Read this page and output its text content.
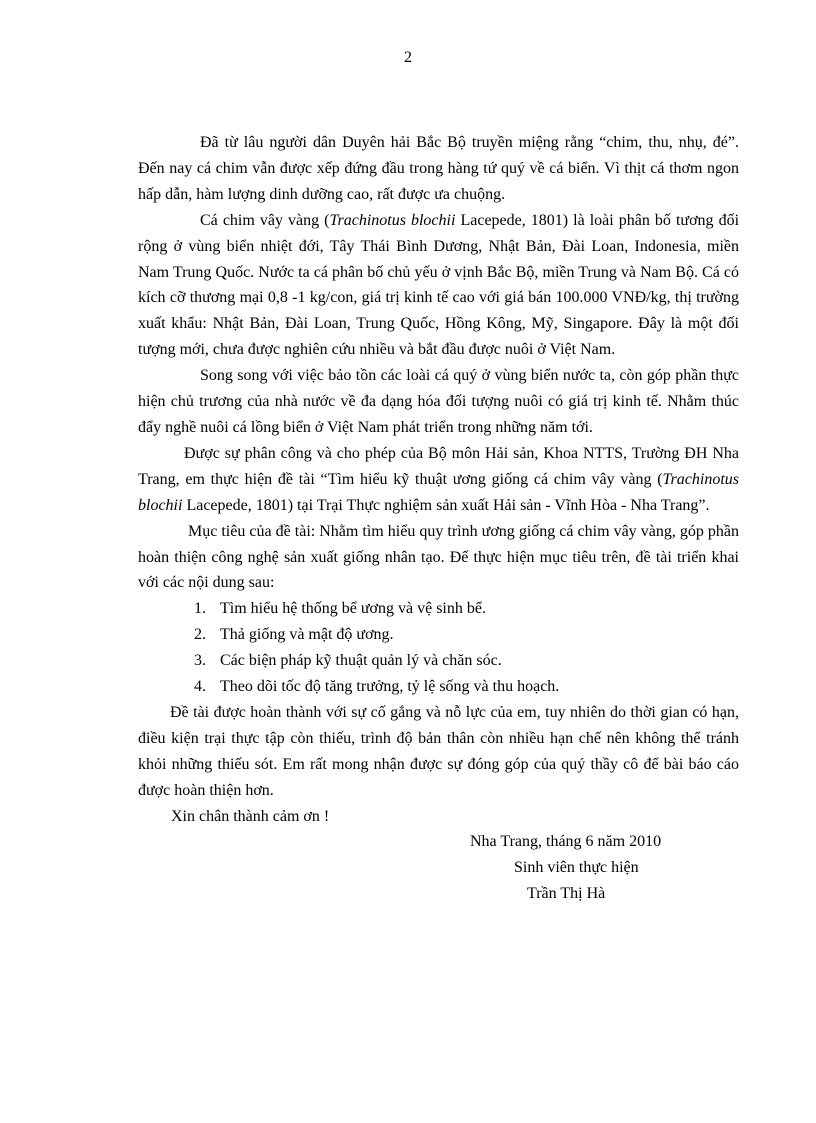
2

Đã từ lâu người dân Duyên hải Bắc Bộ truyền miệng rằng “chim, thu, nhụ, đé”. Đến nay cá chim vẫn được xếp đứng đầu trong hàng tứ quý về cá biển. Vì thịt cá thơm ngon hấp dẫn, hàm lượng dinh dưỡng cao, rất được ưa chuộng.

Cá chim vây vàng (Trachinotus blochii Lacepede, 1801) là loài phân bố tương đối rộng ở vùng biển nhiệt đới, Tây Thái Bình Dương, Nhật Bản, Đài Loan, Indonesia, miền Nam Trung Quốc. Nước ta cá phân bố chủ yếu ở vịnh Bắc Bộ, miền Trung và Nam Bộ. Cá có kích cỡ thương mại 0,8 -1 kg/con, giá trị kinh tế cao với giá bán 100.000 VNĐ/kg, thị trường xuất khẩu: Nhật Bản, Đài Loan, Trung Quốc, Hồng Kông, Mỹ, Singapore. Đây là một đối tượng mới, chưa được nghiên cứu nhiều và bắt đầu được nuôi ở Việt Nam.

Song song với việc bảo tồn các loài cá quý ở vùng biển nước ta, còn góp phần thực hiện chủ trương của nhà nước về đa dạng hóa đối tượng nuôi có giá trị kinh tế. Nhằm thúc đẩy nghề nuôi cá lồng biển ở Việt Nam phát triển trong những năm tới.

Được sự phân công và cho phép của Bộ môn Hải sản, Khoa NTTS, Trường ĐH Nha Trang, em thực hiện đề tài “Tìm hiểu kỹ thuật ương giống cá chim vây vàng (Trachinotus blochii Lacepede, 1801) tại Trại Thực nghiệm sản xuất Hải sản - Vĩnh Hòa - Nha Trang”.

Mục tiêu của đề tài: Nhằm tìm hiểu quy trình ương giống cá chim vây vàng, góp phần hoàn thiện công nghệ sản xuất giống nhân tạo. Để thực hiện mục tiêu trên, đề tài triển khai với các nội dung sau:

1. Tìm hiểu hệ thống bể ương và vệ sinh bể.
2. Thả giống và mật độ ương.
3. Các biện pháp kỹ thuật quản lý và chăn sóc.
4. Theo dõi tốc độ tăng trưởng, tỷ lệ sống và thu hoạch.

Đề tài được hoàn thành với sự cố gắng và nỗ lực của em, tuy nhiên do thời gian có hạn, điều kiện trại thực tập còn thiếu, trình độ bản thân còn nhiều hạn chế nên không thể tránh khỏi những thiếu sót. Em rất mong nhận được sự đóng góp của quý thầy cô để bài báo cáo được hoàn thiện hơn.

Xin chân thành cảm ơn !

Nha Trang, tháng 6 năm 2010

Sinh viên thực hiện

Trần Thị Hà
